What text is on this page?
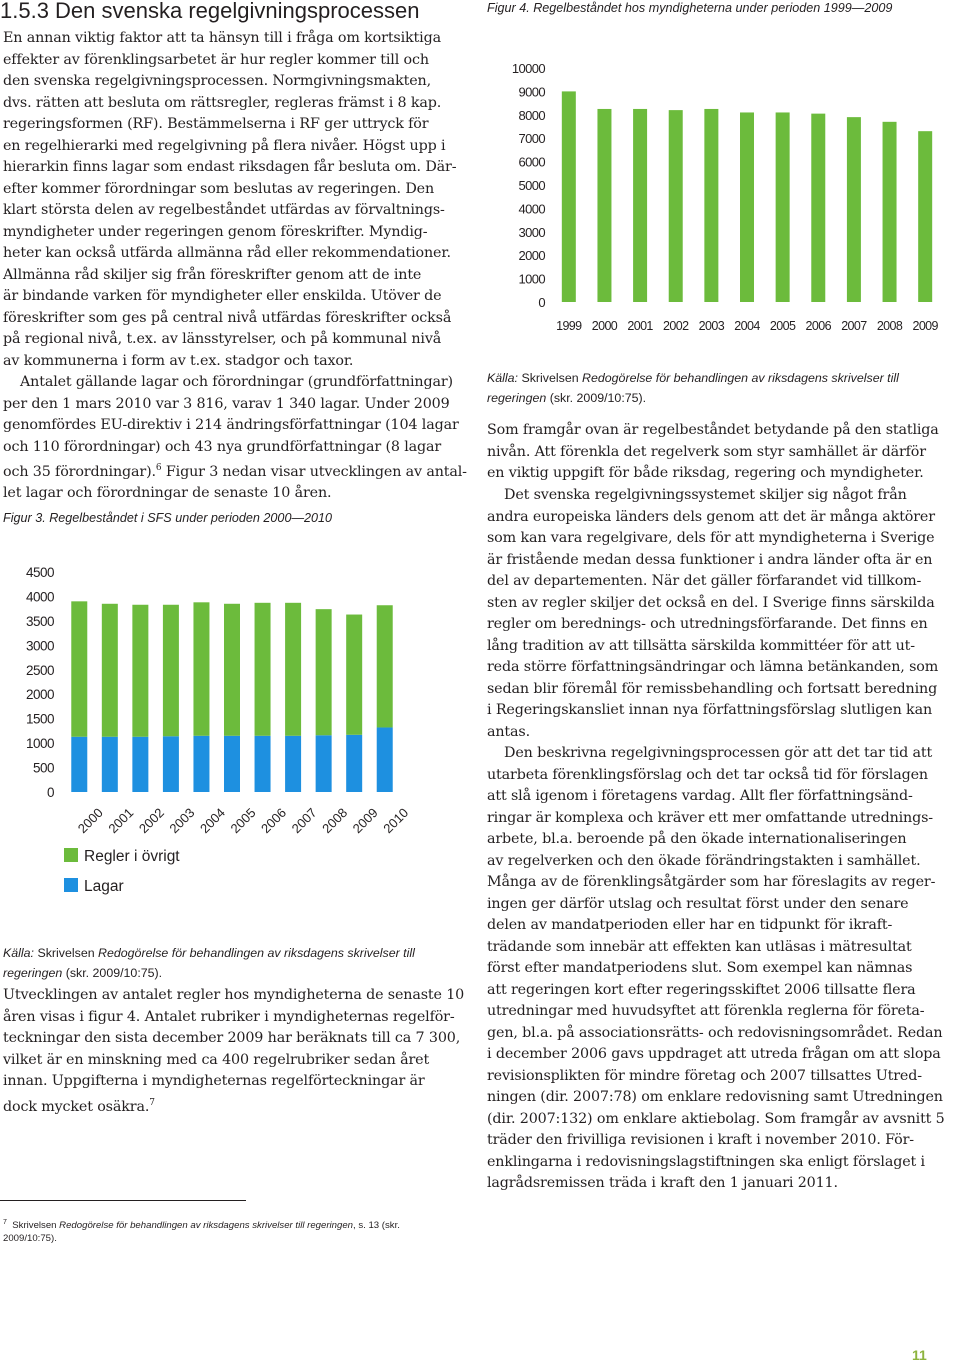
1.5.3 Den svenska regelgivningsprocessen

En annan viktig faktor att ta hänsyn till i fråga om kortsiktiga
effekter av förenklingsarbetet är hur regler kommer till och
den svenska regelgivningsprocessen. Normgivningsmakten,
dvs. rätten att besluta om rättsregler, regleras främst i 8 kap.
regeringsformen (RF). Bestämmelserna i RF ger uttryck för
en regelhierarki med regelgivning på flera nivåer. Högst upp i
hierarkin finns lagar som endast riksdagen får besluta om. Där-
efter kommer förordningar som beslutas av regeringen. Den
klart största delen av regelbeståndet utfärdas av förvaltnings-
myndigheter under regeringen genom föreskrifter. Myndig-
heter kan också utfärda allmänna råd eller rekommendationer.
Allmänna råd skiljer sig från föreskrifter genom att de inte
är bindande varken för myndigheter eller enskilda. Utöver de
föreskrifter som ges på central nivå utfärdas föreskrifter också
på regional nivå, t.ex. av länsstyrelser, och på kommunal nivå
av kommunerna i form av t.ex. stadgor och taxor.

Antalet gällande lagar och förordningar (grundförfattningar)
per den 1 mars 2010 var 3 816, varav 1 340 lagar. Under 2009
genomfördes EU-direktiv i 214 ändringsförfattningar (104 lagar
och 110 förordningar) och 43 nya grundförfattningar (8 lagar
och 35 förordningar).$^6$ Figur 3 nedan visar utvecklingen av antal-
let lagar och förordningar de senaste 10 åren.

Figur 3. Regelbeståndet i SFS under perioden 2000—2010

0
500
1000
1500
2000
2500
3000
3500
4000
4500
2000 2001 2002 2003 2004 2005 2006 2007 2008 2009 2010
Regler i övrigt
Lagar

Källa: Skrivelsen Redogörelse för behandlingen av riksdagens skrivelser till
regeringen (skr. 2009/10:75).

Utvecklingen av antalet regler hos myndigheterna de senaste 10
åren visas i figur 4. Antalet rubriker i myndigheternas regelför-
teckningar den sista december 2009 har beräknats till ca 7 300,
vilket är en minskning med ca 400 regelrubriker sedan året
innan. Uppgifterna i myndigheternas regelförteckningar är
dock mycket osäkra.$^7$

Figur 4. Regelbeståndet hos myndigheterna under perioden 1999—2009

0
1000
2000
3000
4000
5000
6000
7000
8000
9000
10000
1999 2000 2001 2002 2003 2004 2005 2006 2007 2008 2009

Källa: Skrivelsen Redogörelse för behandlingen av riksdagens skrivelser till
regeringen (skr. 2009/10:75).

Som framgår ovan är regelbeståndet betydande på den statliga
nivån. Att förenkla det regelverk som styr samhället är därför
en viktig uppgift för både riksdag, regering och myndigheter.

Det svenska regelgivningssystemet skiljer sig något från
andra europeiska länders dels genom att det är många aktörer
som kan vara regelgivare, dels för att myndigheterna i Sverige
är fristående medan dessa funktioner i andra länder ofta är en
del av departementen. När det gäller förfarandet vid tillkom-
sten av regler skiljer det också en del. I Sverige finns särskilda
regler om berednings- och utredningsförfarande. Det finns en
lång tradition av att tillsätta särskilda kommittéer för att ut-
reda större författningsändringar och lämna betänkanden, som
sedan blir föremål för remissbehandling och fortsatt beredning
i Regeringskansliet innan nya författningsförslag slutligen kan
antas.

Den beskrivna regelgivningsprocessen gör att det tar tid att
utarbeta förenklingsförslag och det tar också tid för förslagen
att slå igenom i företagens vardag. Allt fler författningsänd-
ringar är komplexa och kräver ett mer omfattande utrednings-
arbete, bl.a. beroende på den ökade internationaliseringen
av regelverken och den ökade förändringstakten i samhället.
Många av de förenklingsåtgärder som har föreslagits av reger-
ingen ger därför utslag och resultat först under den senare
delen av mandatperioden eller har en tidpunkt för ikraft-
trädande som innebär att effekten kan utläsas i mätresultat
först efter mandatperiodens slut. Som exempel kan nämnas
att regeringen kort efter regeringsskiftet 2006 tillsatte flera
utredningar med huvudsyftet att förenkla reglerna för företa-
gen, bl.a. på associationsrätts- och redovisningsområdet. Redan
i december 2006 gavs uppdraget att utreda frågan om att slopa
revisionsplikten för mindre företag och 2007 tillsattes Utred-
ningen (dir. 2007:78) om enklare redovisning samt Utredningen
(dir. 2007:132) om enklare aktiebolag. Som framgår av avsnitt 5
träder den frivilliga revisionen i kraft i november 2010. För-
enklingarna i redovisningslagstiftningen ska enligt förslaget i
lagrådsremissen träda i kraft den 1 januari 2011.

$^7$ Skrivelsen Redogörelse för behandlingen av riksdagens skrivelser till regeringen, s. 13 (skr.
2009/10:75).

11
